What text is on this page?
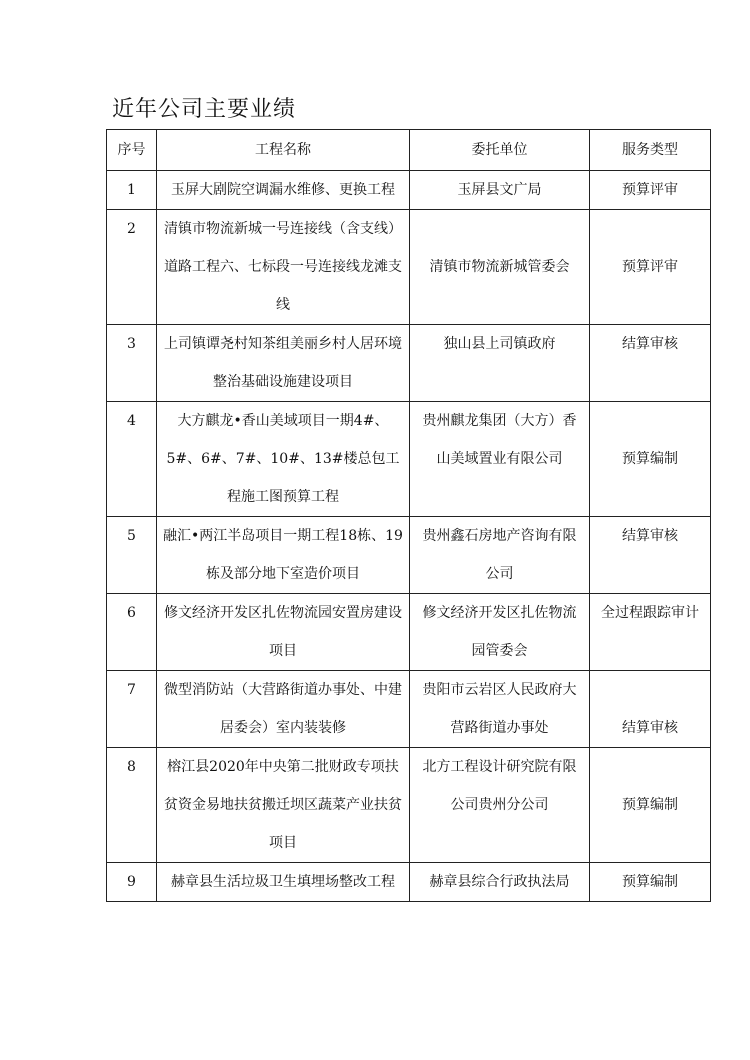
近年公司主要业绩
序号	工程名称	委托单位	服务类型
1	玉屏大剧院空调漏水维修、更换工程	玉屏县文广局	预算评审
2	清镇市物流新城一号连接线（含支线）道路工程六、七标段一号连接线龙滩支线	清镇市物流新城管委会	预算评审
3	上司镇谭尧村知茶组美丽乡村人居环境整治基础设施建设项目	独山县上司镇政府	结算审核
4	大方麒龙•香山美域项目一期4#、5#、6#、7#、10#、13#楼总包工程施工图预算工程	贵州麒龙集团（大方）香山美域置业有限公司	预算编制
5	融汇•两江半岛项目一期工程18栋、19栋及部分地下室造价项目	贵州鑫石房地产咨询有限公司	结算审核
6	修文经济开发区扎佐物流园安置房建设项目	修文经济开发区扎佐物流园管委会	全过程跟踪审计
7	微型消防站（大营路街道办事处、中建居委会）室内装装修	贵阳市云岩区人民政府大营路街道办事处	结算审核
8	榕江县2020年中央第二批财政专项扶贫资金易地扶贫搬迁坝区蔬菜产业扶贫项目	北方工程设计研究院有限公司贵州分公司	预算编制
9	赫章县生活垃圾卫生填埋场整改工程	赫章县综合行政执法局	预算编制
